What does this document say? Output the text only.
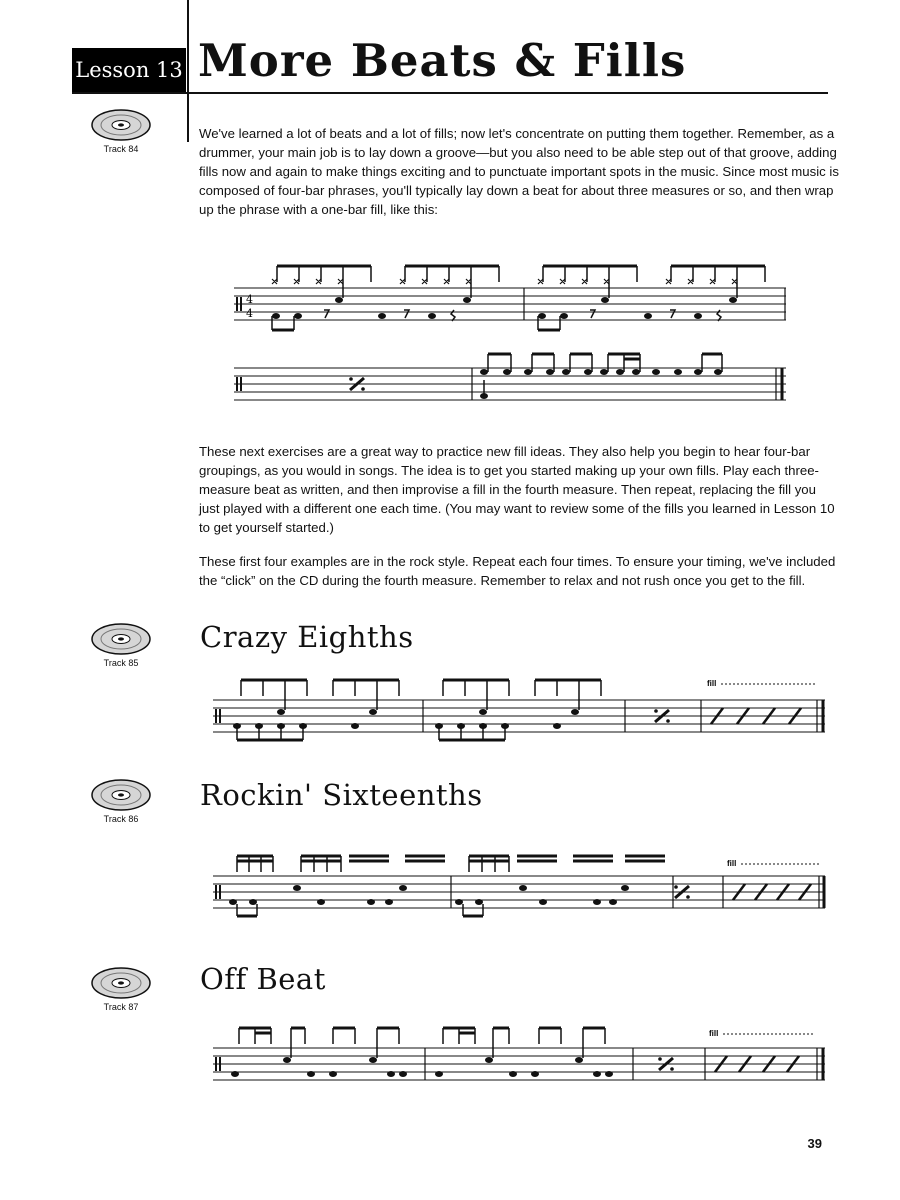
Lesson 13 More Beats & Fills
Track 84
Track 85
Track 86
Track 87

We've learned a lot of beats and a lot of fills; now let's concentrate on putting them together. Remember, as a drummer, your main job is to lay down a groove—but you also need to be able step out of that groove, adding fills now and again to make things exciting and to punctuate important spots in the music. Since most music is composed of four-bar phrases, you'll typically lay down a beat for about three measures or so, and then wrap up the phrase with a one-bar fill, like this:

These next exercises are a great way to practice new fill ideas. They also help you begin to hear four-bar groupings, as you would in songs. The idea is to get you started making up your own fills. Play each three-measure beat as written, and then improvise a fill in the fourth measure. Then repeat, replacing the fill you just played with a different one each time. (You may want to review some of the fills you learned in Lesson 10 to get yourself started.)

These first four examples are in the rock style. Repeat each four times. To ensure your timing, we've included the “click” on the CD during the fourth measure. Remember to relax and not rush once you get to the fill.

Crazy Eighths
Rockin' Sixteenths
Off Beat
4
4
fill
fill
fill
39
